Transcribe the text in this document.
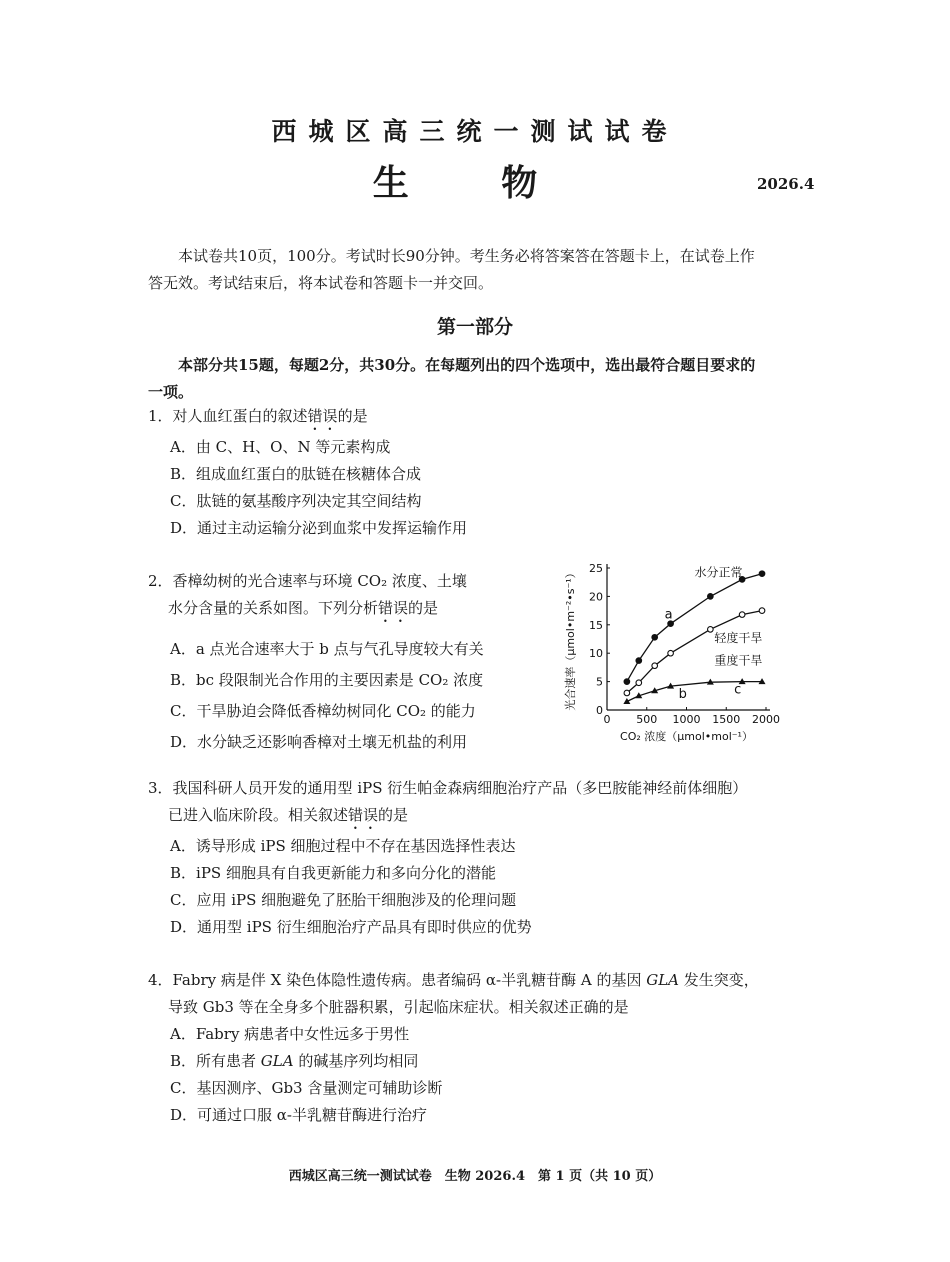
西城区高三统一测试试卷
生 物	2026.4
本试卷共10页，100分。考试时长90分钟。考生务必将答案答在答题卡上，在试卷上作
答无效。考试结束后，将本试卷和答题卡一并交回。
第一部分
本部分共15题，每题2分，共30分。在每题列出的四个选项中，选出最符合题目要求的
一项。
1．对人血红蛋白的叙述错误的是
A．由 C、H、O、N 等元素构成
B．组成血红蛋白的肽链在核糖体合成
C．肽链的氨基酸序列决定其空间结构
D．通过主动运输分泌到血浆中发挥运输作用
2．香樟幼树的光合速率与环境 CO₂ 浓度、土壤
水分含量的关系如图。下列分析错误的是
A．a 点光合速率大于 b 点与气孔导度较大有关
B．bc 段限制光合作用的主要因素是 CO₂ 浓度
C．干旱胁迫会降低香樟幼树同化 CO₂ 的能力
D．水分缺乏还影响香樟对土壤无机盐的利用
0 500 1000 1500 2000
0
5
10
15
20
25
CO₂ 浓度（μmol•mol⁻¹）
光合速率（μmol•m⁻²•s⁻¹）	水分正常
轻度干旱
重度干旱
a
b	c
3．我国科研人员开发的通用型 iPS 衍生帕金森病细胞治疗产品（多巴胺能神经前体细胞）
已进入临床阶段。相关叙述错误的是
A．诱导形成 iPS 细胞过程中不存在基因选择性表达
B．iPS 细胞具有自我更新能力和多向分化的潜能
C．应用 iPS 细胞避免了胚胎干细胞涉及的伦理问题
D．通用型 iPS 衍生细胞治疗产品具有即时供应的优势
4．Fabry 病是伴 X 染色体隐性遗传病。患者编码 α-半乳糖苷酶 A 的基因 GLA 发生突变，
导致 Gb3 等在全身多个脏器积累，引起临床症状。相关叙述正确的是
A．Fabry 病患者中女性远多于男性
B．所有患者 GLA 的碱基序列均相同
C．基因测序、Gb3 含量测定可辅助诊断
D．可通过口服 α-半乳糖苷酶进行治疗
西城区高三统一测试试卷　生物 2026.4　第 1 页（共 10 页）
